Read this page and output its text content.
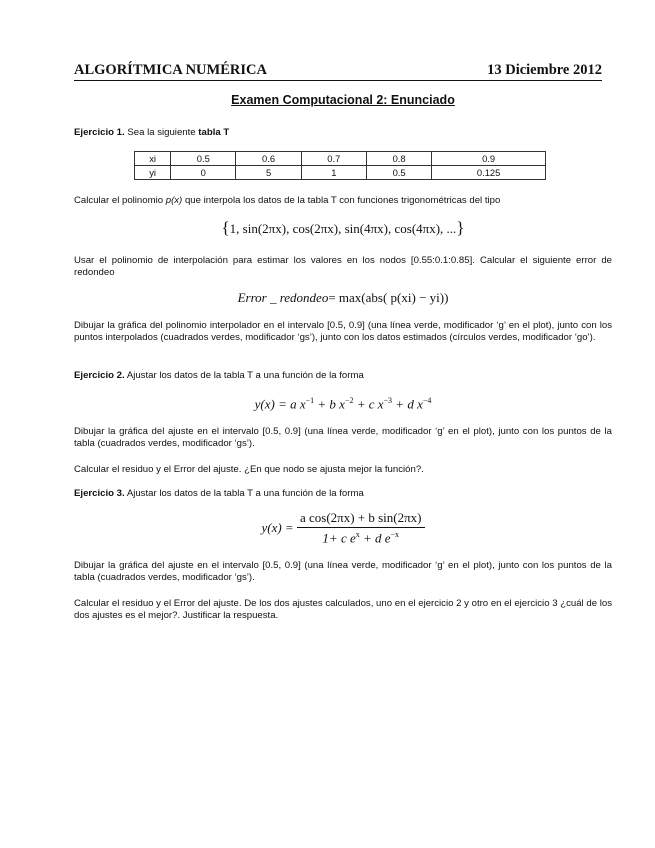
ALGORÍTMICA NUMÉRICA	13 Diciembre 2012
Examen Computacional 2: Enunciado
Ejercicio 1. Sea la siguiente tabla T
xi	0.5	0.6	0.7	0.8	0.9
yi	0	5	1	0.5	0.125
Calcular el polinomio p(x) que interpola los datos de la tabla T con funciones trigonométricas del tipo
{1, sin(2πx), cos(2πx), sin(4πx), cos(4πx), ...}
Usar el polinomio de interpolación para estimar los valores en los nodos [0.55:0.1:0.85]. Calcular el siguiente error de redondeo
Error _ redondeo= max(abs( p(xi) − yi))
Dibujar la gráfica del polinomio interpolador en el intervalo [0.5, 0.9] (una línea verde, modificador ‘g’ en el plot), junto con los puntos interpolados (cuadrados verdes, modificador ‘gs’), junto con los datos estimados (círculos verdes, modificador ‘go’).
Ejercicio 2. Ajustar los datos de la tabla T a una función de la forma
y(x) = a $x^{-1} + b$ $x^{-2} + c$ $x^{-3} + d$ $x^{-4}$
Dibujar la gráfica del ajuste en el intervalo [0.5, 0.9] (una línea verde, modificador ‘g’ en el plot), junto con los puntos de la tabla (cuadrados verdes, modificador ‘gs’).
Calcular el residuo y el Error del ajuste. ¿En que nodo se ajusta mejor la función?.
Ejercicio 3. Ajustar los datos de la tabla T a una función de la forma
$y(x) = \frac{\text{a cos(2πx) + b sin(2πx)}}{1+ c e^x + d e^{-x}}$
Dibujar la gráfica del ajuste en el intervalo [0.5, 0.9] (una línea verde, modificador ‘g’ en el plot), junto con los puntos de la tabla (cuadrados verdes, modificador ‘gs’).
Calcular el residuo y el Error del ajuste. De los dos ajustes calculados, uno en el ejercicio 2 y otro en el ejercicio 3 ¿cuál de los dos ajustes es el mejor?. Justificar la respuesta.
